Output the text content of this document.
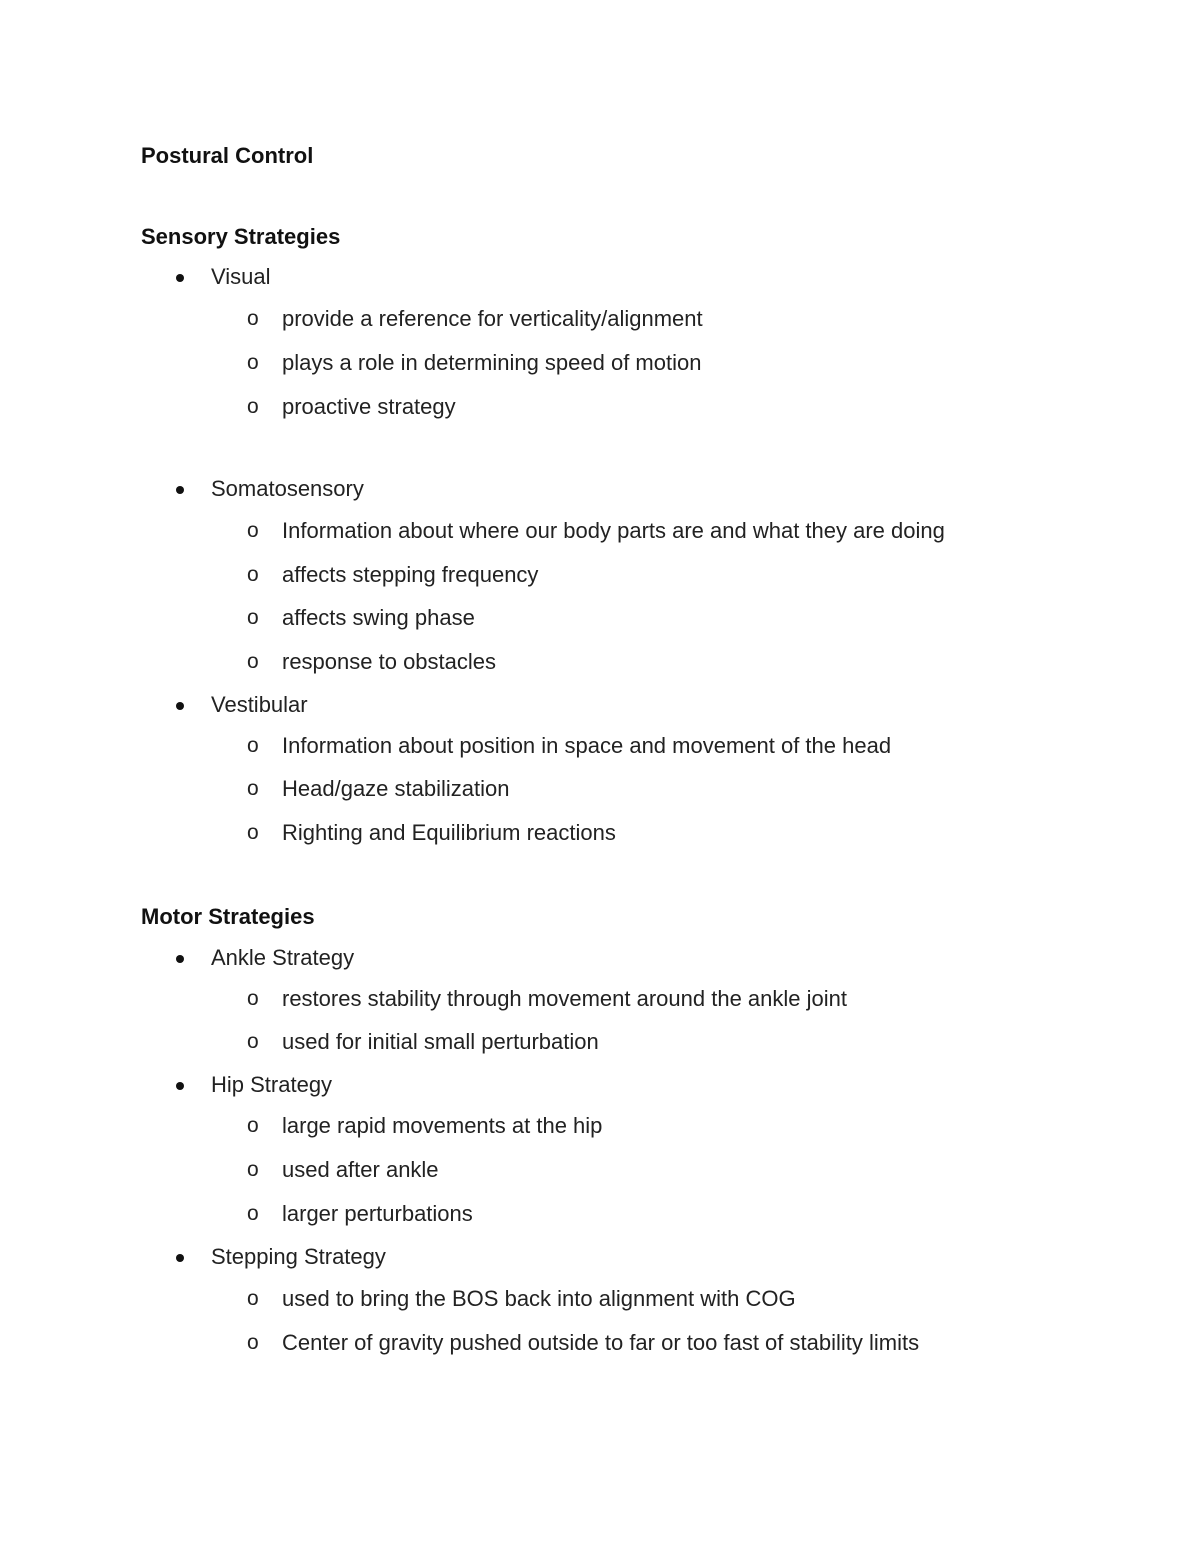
Postural Control
Sensory Strategies
Visual
o provide a reference for verticality/alignment
o plays a role in determining speed of motion
o proactive strategy
Somatosensory
o Information about where our body parts are and what they are doing
o affects stepping frequency
o affects swing phase
o response to obstacles
Vestibular
o Information about position in space and movement of the head
o Head/gaze stabilization
o Righting and Equilibrium reactions
Motor Strategies
Ankle Strategy
o restores stability through movement around the ankle joint
o used for initial small perturbation
Hip Strategy
o large rapid movements at the hip
o used after ankle
o larger perturbations
Stepping Strategy
o used to bring the BOS back into alignment with COG
o Center of gravity pushed outside to far or too fast of stability limits
